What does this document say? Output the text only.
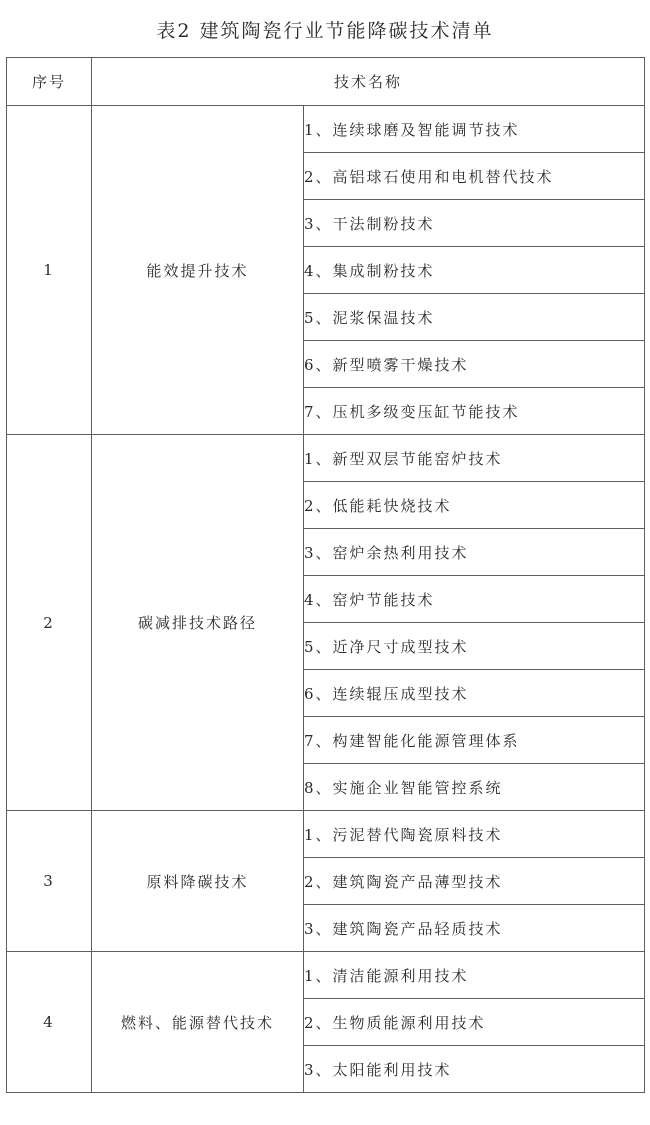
表2 建筑陶瓷行业节能降碳技术清单
序号	技术名称	
1	能效提升技术	1、连续球磨及智能调节技术
		2、高铝球石使用和电机替代技术
		3、干法制粉技术
		4、集成制粉技术
		5、泥浆保温技术
		6、新型喷雾干燥技术
		7、压机多级变压缸节能技术
2	碳减排技术路径	1、新型双层节能窑炉技术
		2、低能耗快烧技术
		3、窑炉余热利用技术
		4、窑炉节能技术
		5、近净尺寸成型技术
		6、连续辊压成型技术
		7、构建智能化能源管理体系
		8、实施企业智能管控系统
3	原料降碳技术	1、污泥替代陶瓷原料技术
		2、建筑陶瓷产品薄型技术
		3、建筑陶瓷产品轻质技术
4	燃料、能源替代技术	1、清洁能源利用技术
		2、生物质能源利用技术
		3、太阳能利用技术
